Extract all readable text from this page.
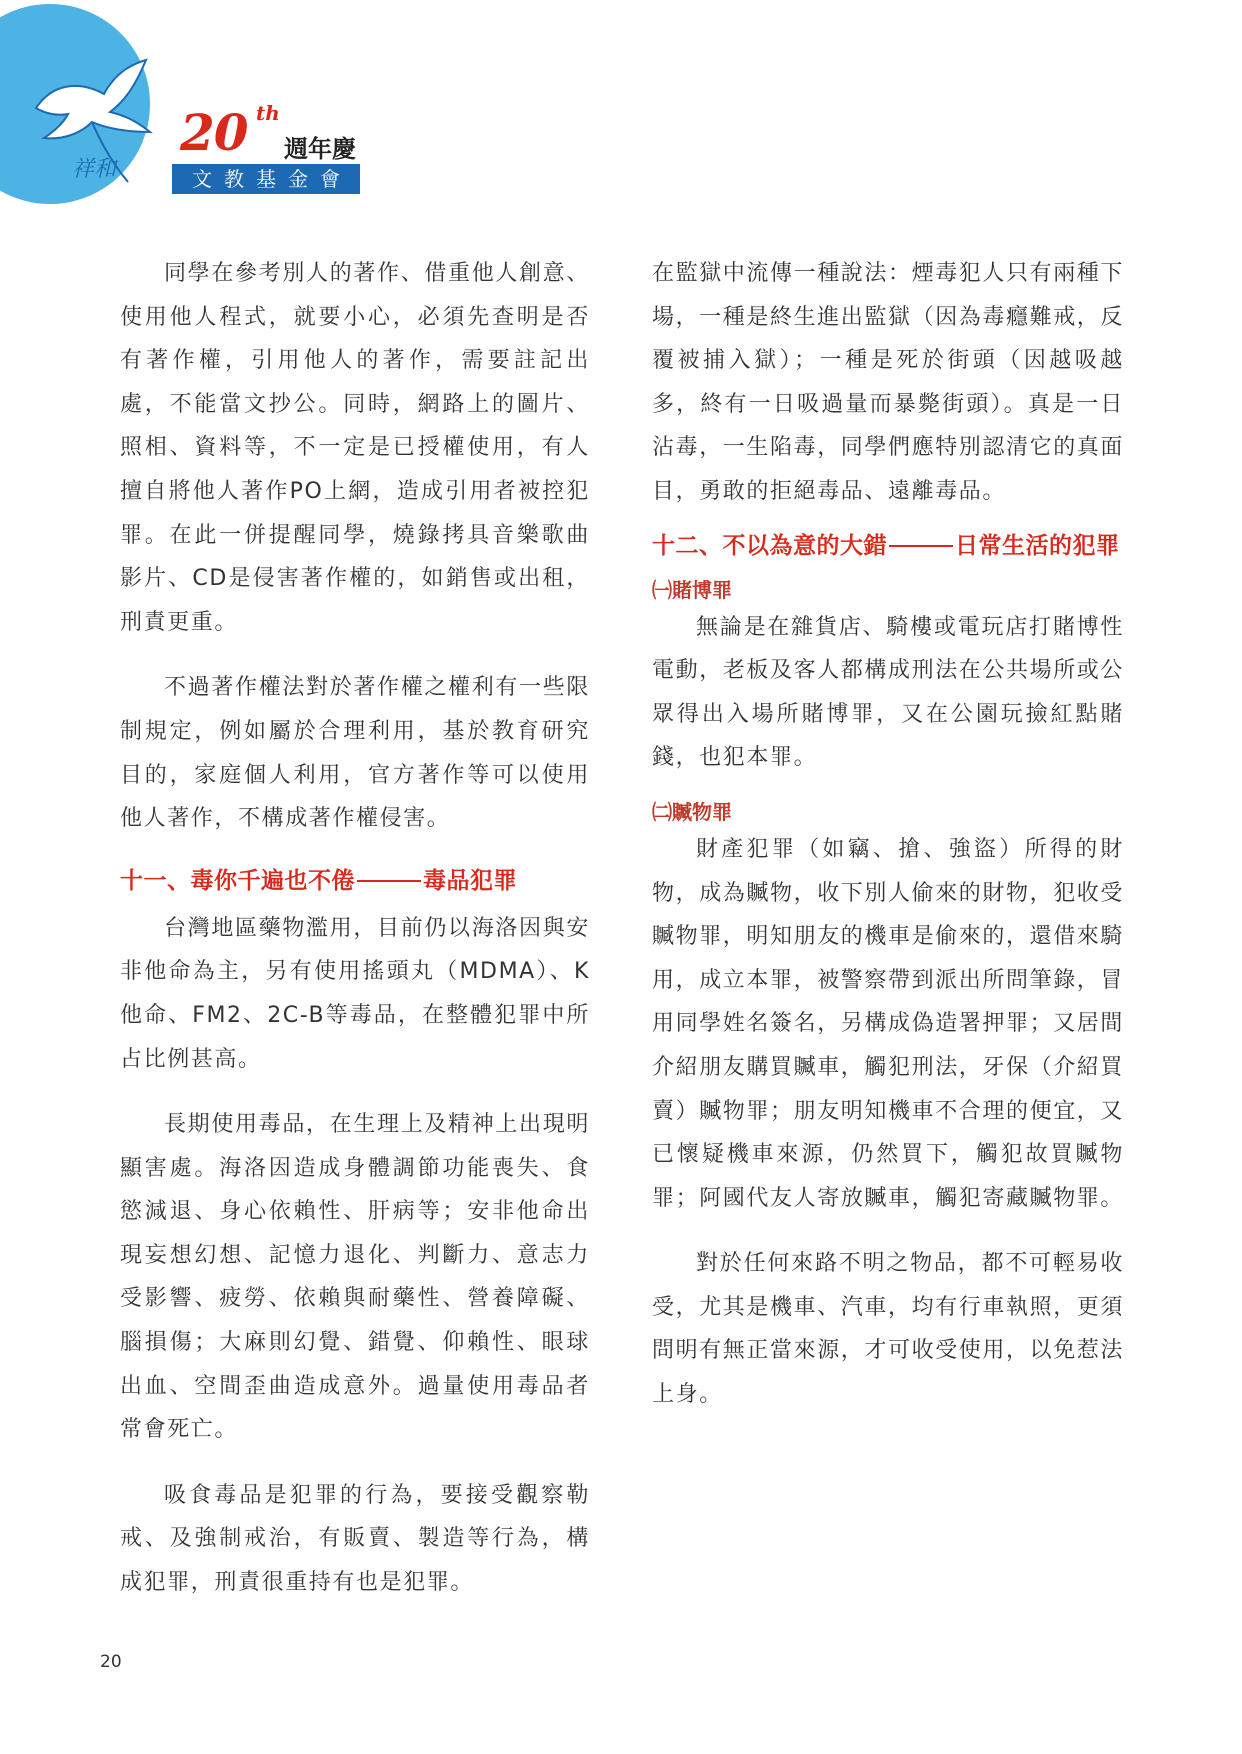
祥和
20 th
週年慶
文教基金會

同學在參考別人的著作、借重他人創意、使用他人程式，就要小心，必須先查明是否有著作權，引用他人的著作，需要註記出處，不能當文抄公。同時，網路上的圖片、照相、資料等，不一定是已授權使用，有人擅自將他人著作PO上網，造成引用者被控犯罪。在此一併提醒同學，燒錄拷具音樂歌曲影片、CD是侵害著作權的，如銷售或出租，刑責更重。

不過著作權法對於著作權之權利有一些限制規定，例如屬於合理利用，基於教育研究目的，家庭個人利用，官方著作等可以使用他人著作，不構成著作權侵害。

十一、毒你千遍也不倦	毒品犯罪

台灣地區藥物濫用，目前仍以海洛因與安非他命為主，另有使用搖頭丸（MDMA）、K他命、FM2、2C-B等毒品，在整體犯罪中所占比例甚高。

長期使用毒品，在生理上及精神上出現明顯害處。海洛因造成身體調節功能喪失、食慾減退、身心依賴性、肝病等；安非他命出現妄想幻想、記憶力退化、判斷力、意志力受影響、疲勞、依賴與耐藥性、營養障礙、腦損傷；大麻則幻覺、錯覺、仰賴性、眼球出血、空間歪曲造成意外。過量使用毒品者常會死亡。

吸食毒品是犯罪的行為，要接受觀察勒戒、及強制戒治，有販賣、製造等行為，構成犯罪，刑責很重持有也是犯罪。

在監獄中流傳一種說法：煙毒犯人只有兩種下場，一種是終生進出監獄（因為毒癮難戒，反覆被捕入獄）；一種是死於街頭（因越吸越多，終有一日吸過量而暴斃街頭）。真是一日沾毒，一生陷毒，同學們應特別認清它的真面目，勇敢的拒絕毒品、遠離毒品。

十二、不以為意的大錯	日常生活的犯罪
㈠賭博罪

無論是在雜貨店、騎樓或電玩店打賭博性電動，老板及客人都構成刑法在公共場所或公眾得出入場所賭博罪，又在公園玩撿紅點賭錢，也犯本罪。

㈡贓物罪

財產犯罪（如竊、搶、強盜）所得的財物，成為贓物，收下別人偷來的財物，犯收受贓物罪，明知朋友的機車是偷來的，還借來騎用，成立本罪，被警察帶到派出所問筆錄，冒用同學姓名簽名，另構成偽造署押罪；又居間介紹朋友購買贓車，觸犯刑法，牙保（介紹買賣）贓物罪；朋友明知機車不合理的便宜，又已懷疑機車來源，仍然買下，觸犯故買贓物罪；阿國代友人寄放贓車，觸犯寄藏贓物罪。

對於任何來路不明之物品，都不可輕易收受，尤其是機車、汽車，均有行車執照，更須問明有無正當來源，才可收受使用，以免惹法上身。

20
